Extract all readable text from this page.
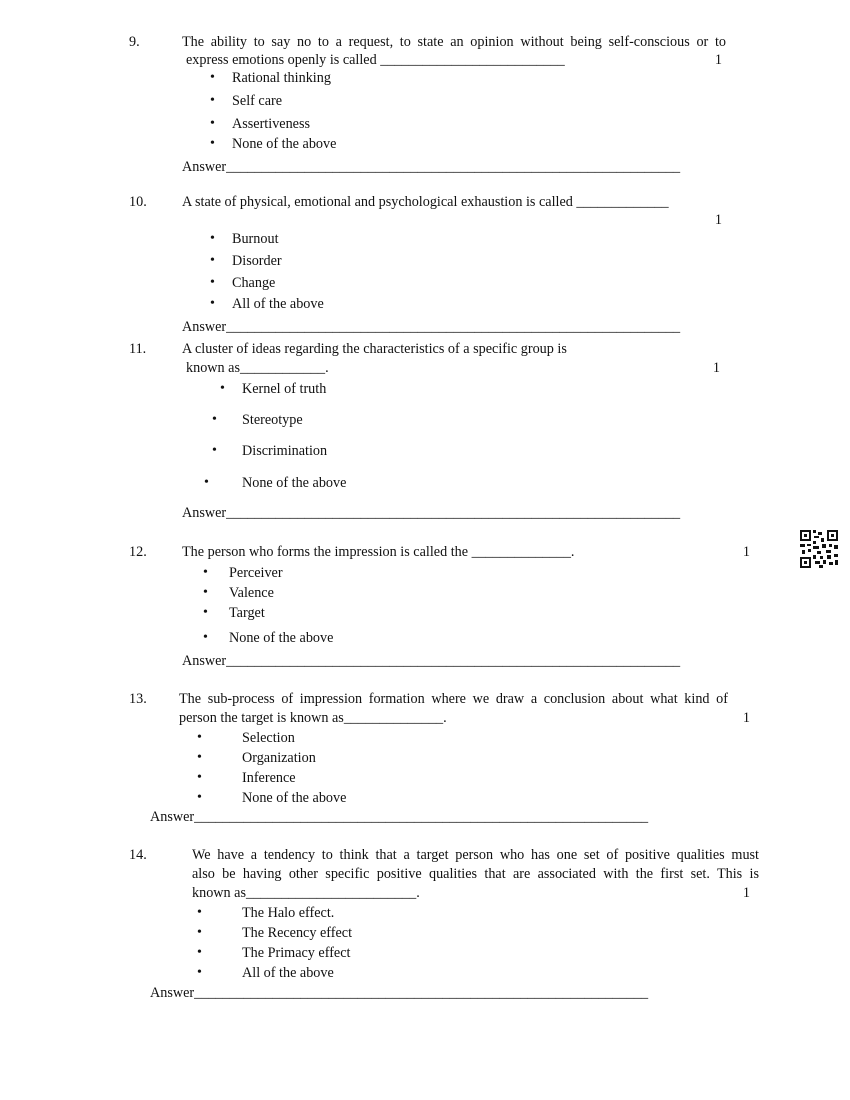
9.	The ability to say no to a request, to state an opinion without being self-conscious or to
express emotions openly is called __________________________	1
• Rational thinking
• Self care
• Assertiveness
• None of the above
Answer________________________________________________________________
10. A state of physical, emotional and psychological exhaustion is called _____________
1
• Burnout
• Disorder
• Change
• All of the above
Answer________________________________________________________________
11.	A cluster of ideas regarding the characteristics of a specific group is
known as____________.	1
• Kernel of truth
• Stereotype
• Discrimination
• None of the above
Answer________________________________________________________________
12. The person who forms the impression is called the ______________.	1
• Perceiver
• Valence
• Target
• None of the above
Answer________________________________________________________________
13. The sub-process of impression formation where we draw a conclusion about what kind of
person the target is known as______________.	1
•	Selection
•	Organization
•	Inference
•	None of the above
Answer________________________________________________________________
14.	We have a tendency to think that a target person who has one set of positive qualities must
also be having other specific positive qualities that are associated with the first set. This is
known as________________________.	1
•	The Halo effect.
•	The Recency effect
•	The Primacy effect
•	All of the above
Answer________________________________________________________________
